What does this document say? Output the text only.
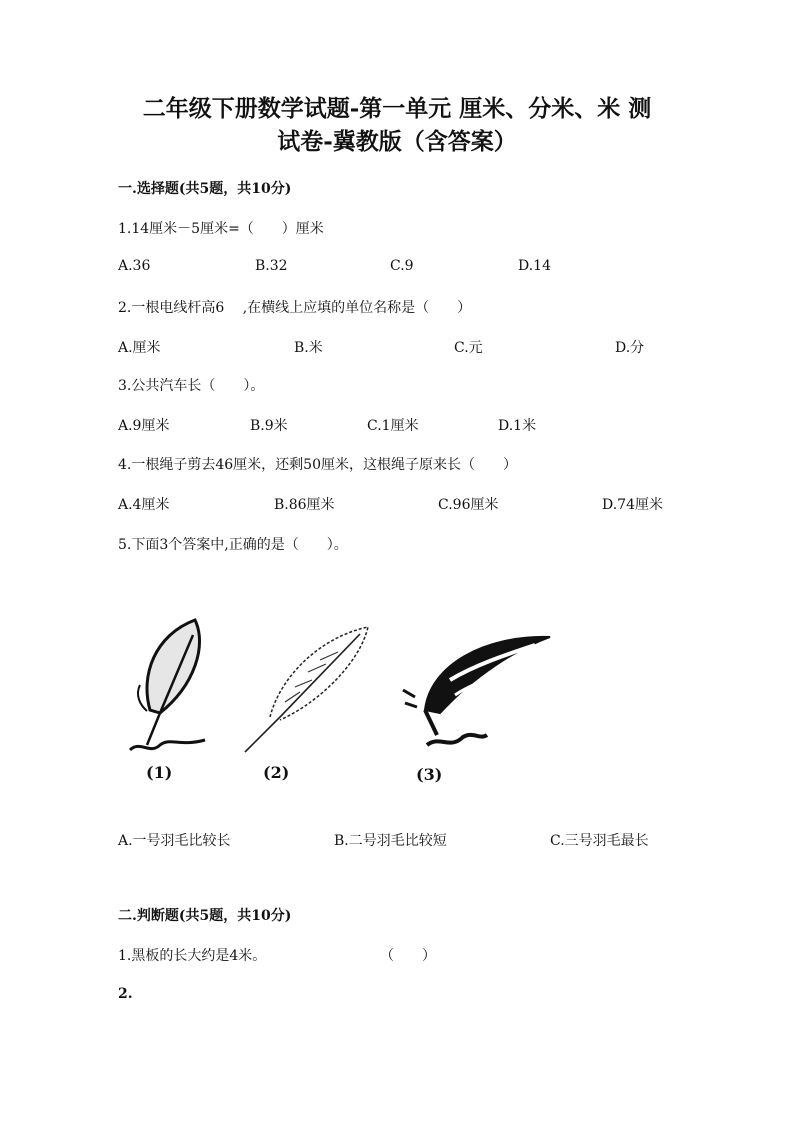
二年级下册数学试题-第一单元 厘米、分米、米 测
试卷-冀教版（含答案）
一.选择题(共5题，共10分)
1.14厘米－5厘米=（　　）厘米
A.36	B.32	C.9	D.14
2.一根电线杆高6　 ,在横线上应填的单位名称是（　　）
A.厘米	B.米	C.元	D.分
3.公共汽车长（　　）。
A.9厘米	B.9米	C.1厘米	D.1米
4.一根绳子剪去46厘米，还剩50厘米，这根绳子原来长（　　）
A.4厘米	B.86厘米	C.96厘米	D.74厘米
5.下面3个答案中,正确的是（　　）。
(1)	(2)	(3)
A.一号羽毛比较长	B.二号羽毛比较短	C.三号羽毛最长
二.判断题(共5题，共10分)
1.黑板的长大约是4米。	（　　）
2.
